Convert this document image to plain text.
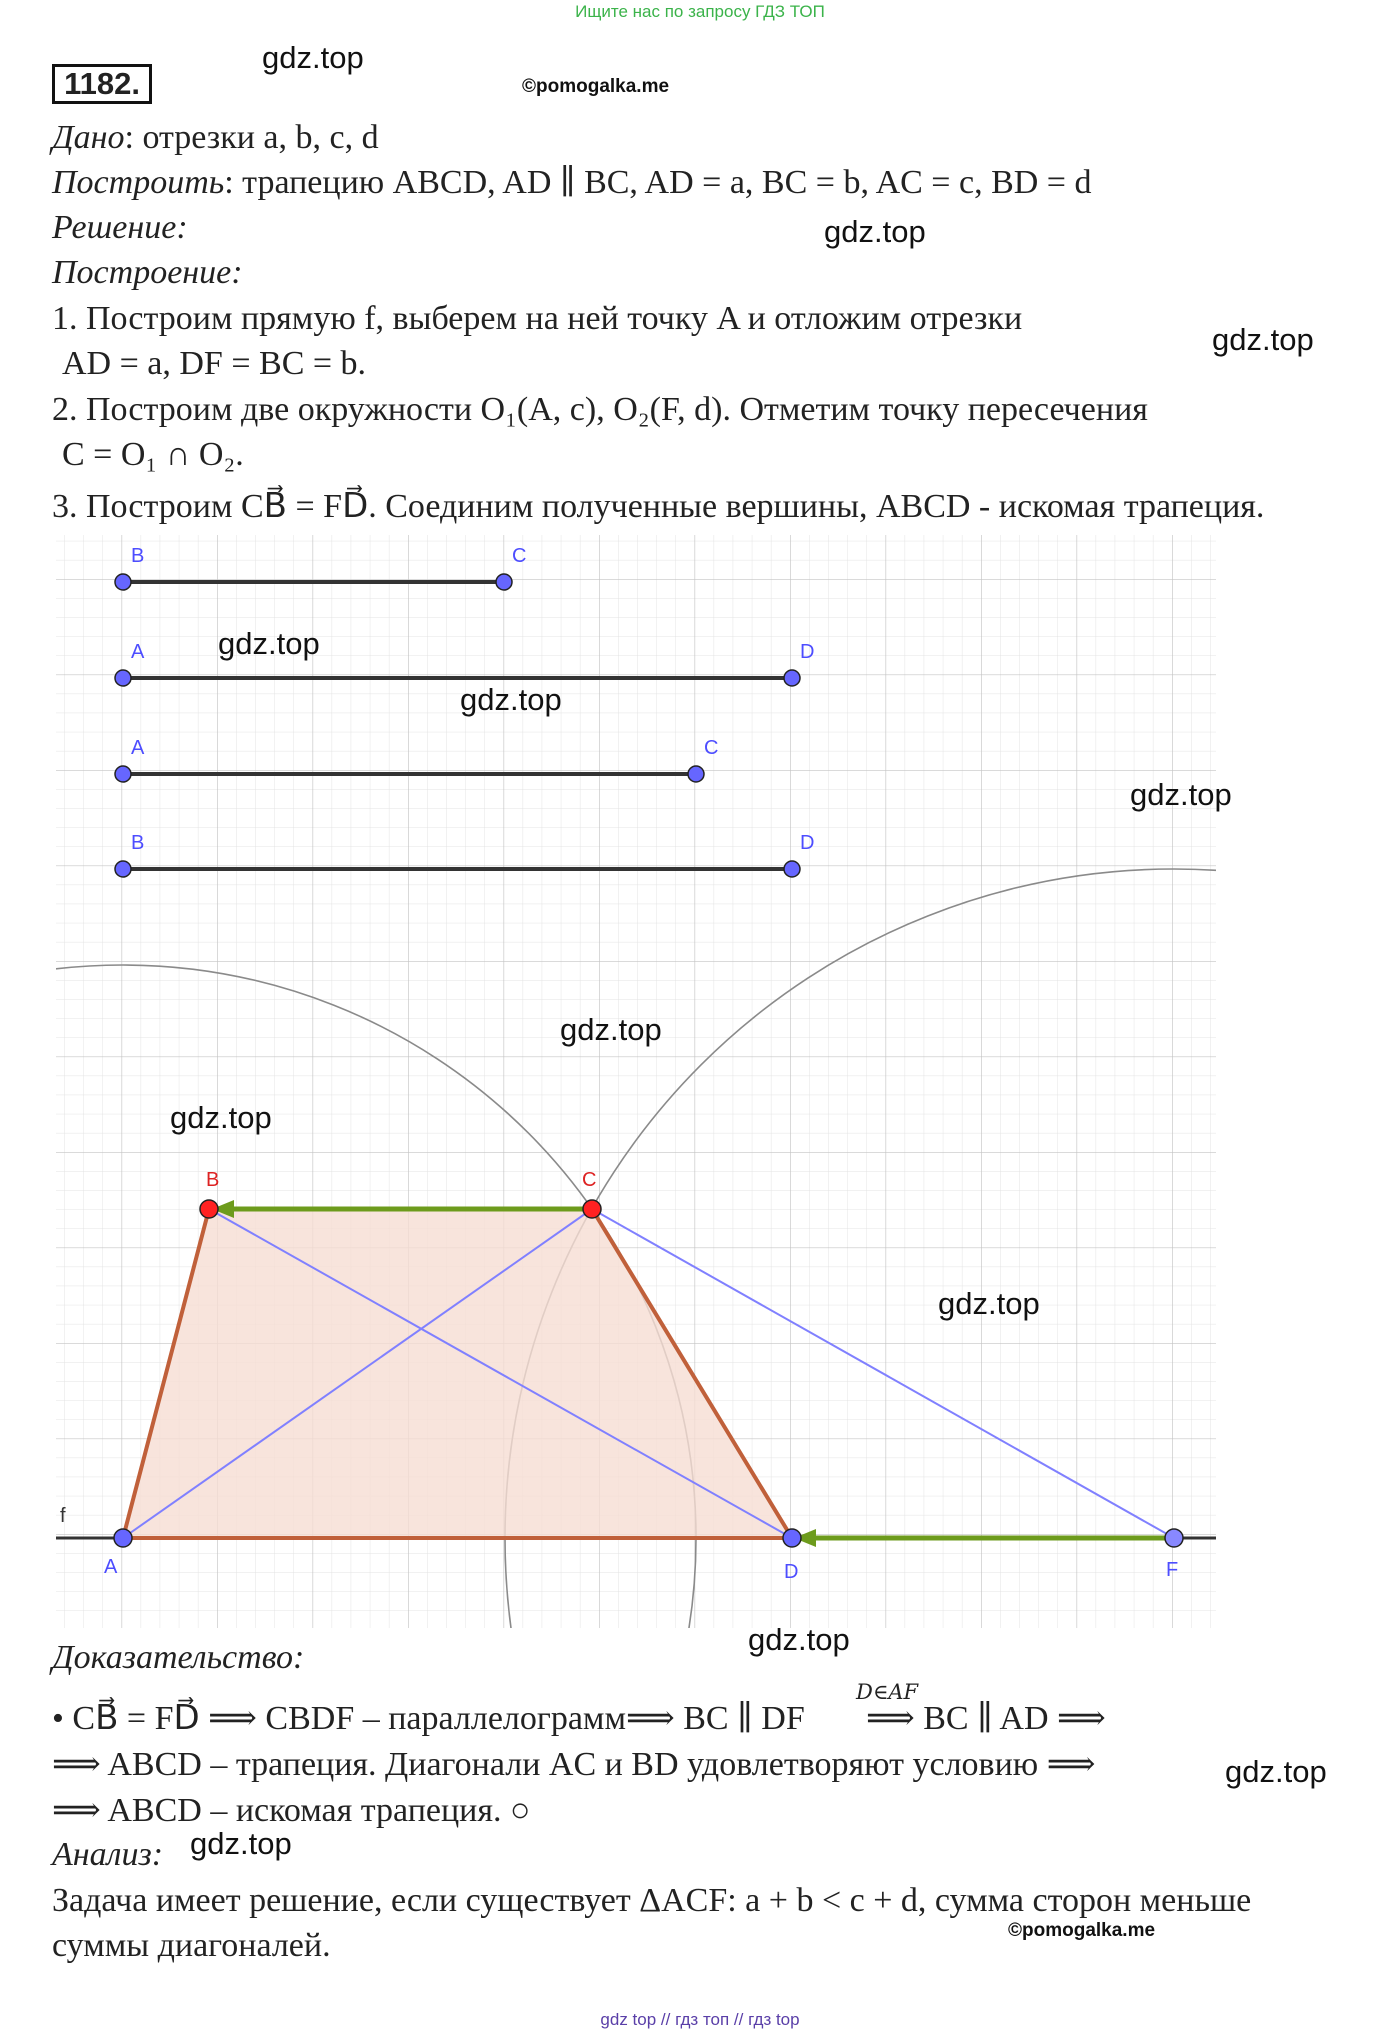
Ищите нас по запросу ГДЗ ТОП
1182.
gdz.top
©pomogalka.me
Дано: отрезки a, b, c, d
Построить: трапецию ABCD, AD ∥ BC, AD = a, BC = b, AC = c, BD = d
Решение:	gdz.top
Построение:
1. Построим прямую f, выберем на ней точку A и отложим отрезки
gdz.top
AD = a, DF = BC = b.
2. Построим две окружности O₁(A, c), O₂(F, d). Отметим точку пересечения
C = O₁ ∩ O₂.
3. Построим CB⃗ = FD⃗. Соединим полученные вершины, ABCD - искомая трапеция.
B	C
A	D
A	C
B	D
f
A	D	F
B	C
gdz.top
gdz.top
gdz.top
gdz.top
gdz.top
gdz.top
gdz.top
Доказательство:
• CB⃗ = FD⃗ ⟹ CBDF – параллелограмм⟹ BC ∥ DF
D∈AF
⟹ BC ∥ AD ⟹
⟹ ABCD – трапеция. Диагонали AC и BD удовлетворяют условию ⟹	gdz.top
⟹ ABCD – искомая трапеция. ○
Анализ: gdz.top
Задача имеет решение, если существует ΔACF: a + b < c + d, сумма сторон меньше
©pomogalka.me
суммы диагоналей.
gdz top // гдз топ // гдз top
